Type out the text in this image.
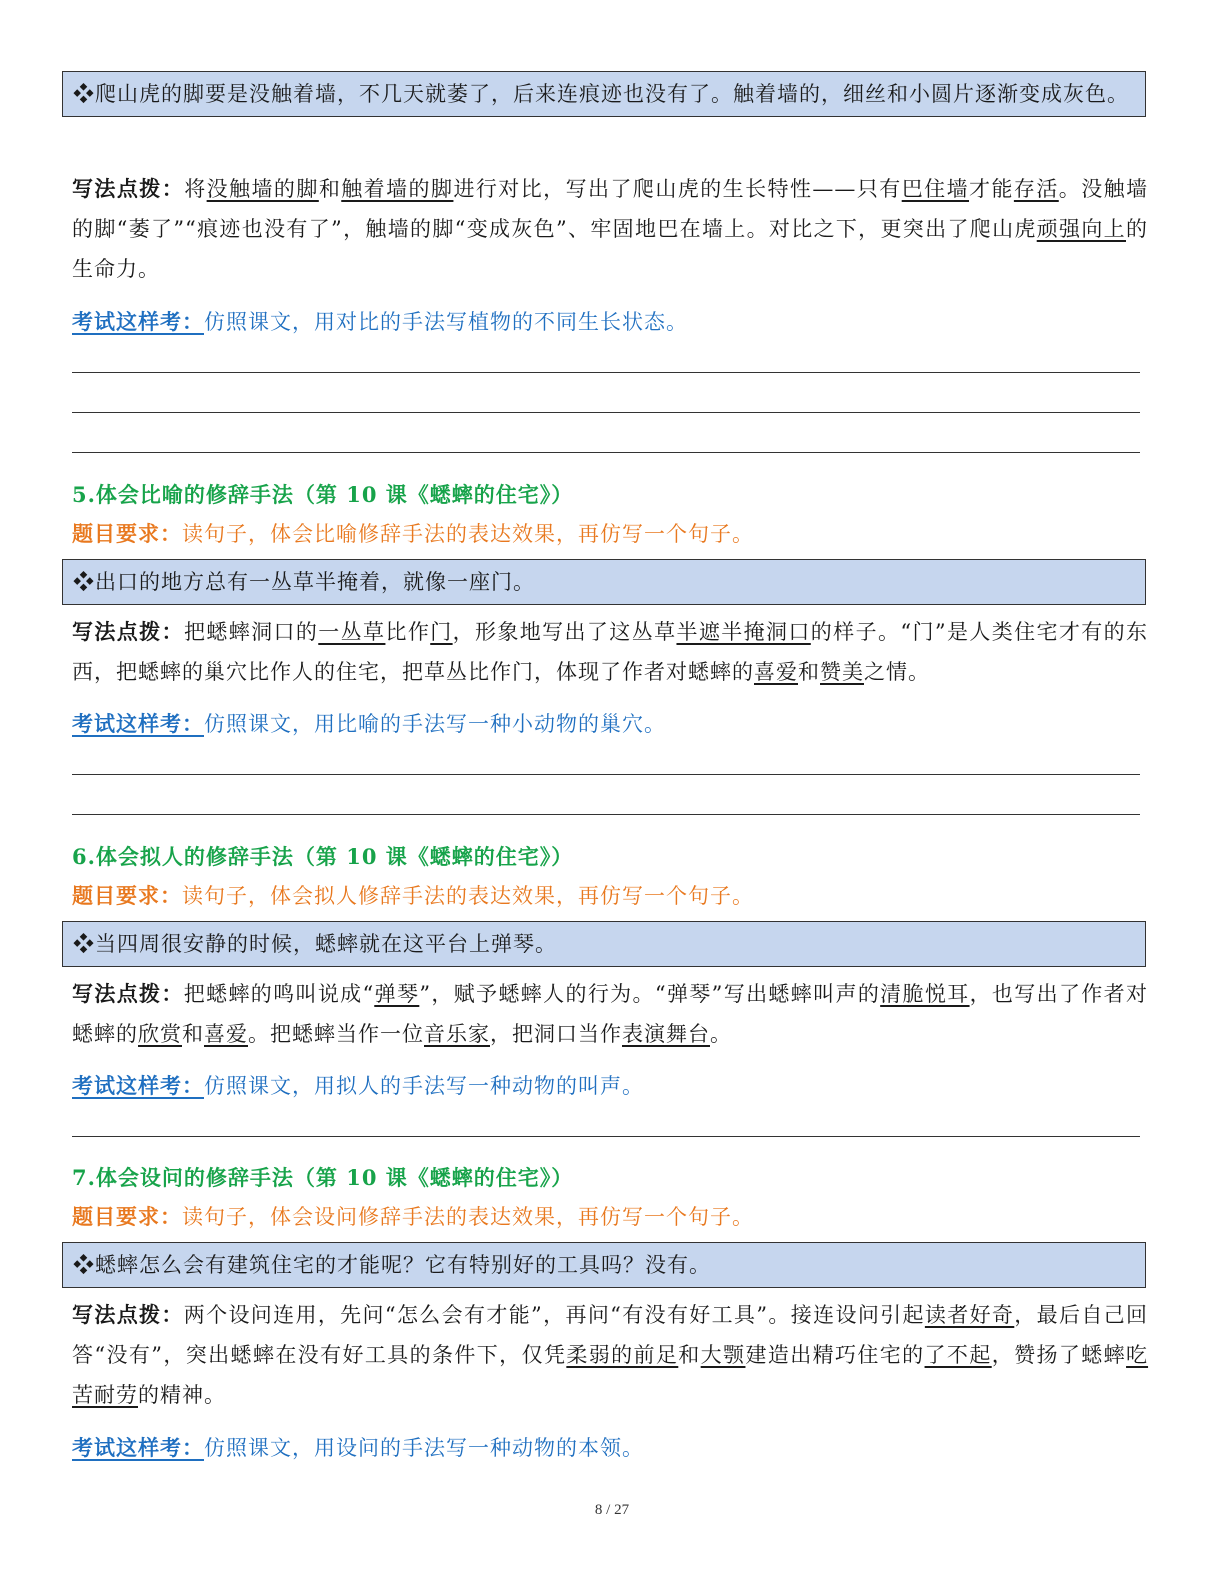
❖爬山虎的脚要是没触着墙，不几天就萎了，后来连痕迹也没有了。触着墙的，细丝和小圆片逐渐变成灰色。
写法点拨：将没触墙的脚和触着墙的脚进行对比，写出了爬山虎的生长特性——只有巴住墙才能存活。没触墙的脚“萎了”“痕迹也没有了”，触墙的脚“变成灰色”、牢固地巴在墙上。对比之下，更突出了爬山虎顽强向上的生命力。
考试这样考：仿照课文，用对比的手法写植物的不同生长状态。
5.体会比喻的修辞手法（第 10 课《蟋蟀的住宅》）
题目要求：读句子，体会比喻修辞手法的表达效果，再仿写一个句子。
❖出口的地方总有一丛草半掩着，就像一座门。
写法点拨：把蟋蟀洞口的一丛草比作门，形象地写出了这丛草半遮半掩洞口的样子。“门”是人类住宅才有的东西，把蟋蟀的巢穴比作人的住宅，把草丛比作门，体现了作者对蟋蟀的喜爱和赞美之情。
考试这样考：仿照课文，用比喻的手法写一种小动物的巢穴。
6.体会拟人的修辞手法（第 10 课《蟋蟀的住宅》）
题目要求：读句子，体会拟人修辞手法的表达效果，再仿写一个句子。
❖当四周很安静的时候，蟋蟀就在这平台上弹琴。
写法点拨：把蟋蟀的鸣叫说成“弹琴”，赋予蟋蟀人的行为。“弹琴”写出蟋蟀叫声的清脆悦耳，也写出了作者对蟋蟀的欣赏和喜爱。把蟋蟀当作一位音乐家，把洞口当作表演舞台。
考试这样考：仿照课文，用拟人的手法写一种动物的叫声。
7.体会设问的修辞手法（第 10 课《蟋蟀的住宅》）
题目要求：读句子，体会设问修辞手法的表达效果，再仿写一个句子。
❖蟋蟀怎么会有建筑住宅的才能呢？它有特别好的工具吗？没有。
写法点拨：两个设问连用，先问“怎么会有才能”，再问“有没有好工具”。接连设问引起读者好奇，最后自己回答“没有”，突出蟋蟀在没有好工具的条件下，仅凭柔弱的前足和大颚建造出精巧住宅的了不起，赞扬了蟋蟀吃苦耐劳的精神。
考试这样考：仿照课文，用设问的手法写一种动物的本领。
8 / 27
